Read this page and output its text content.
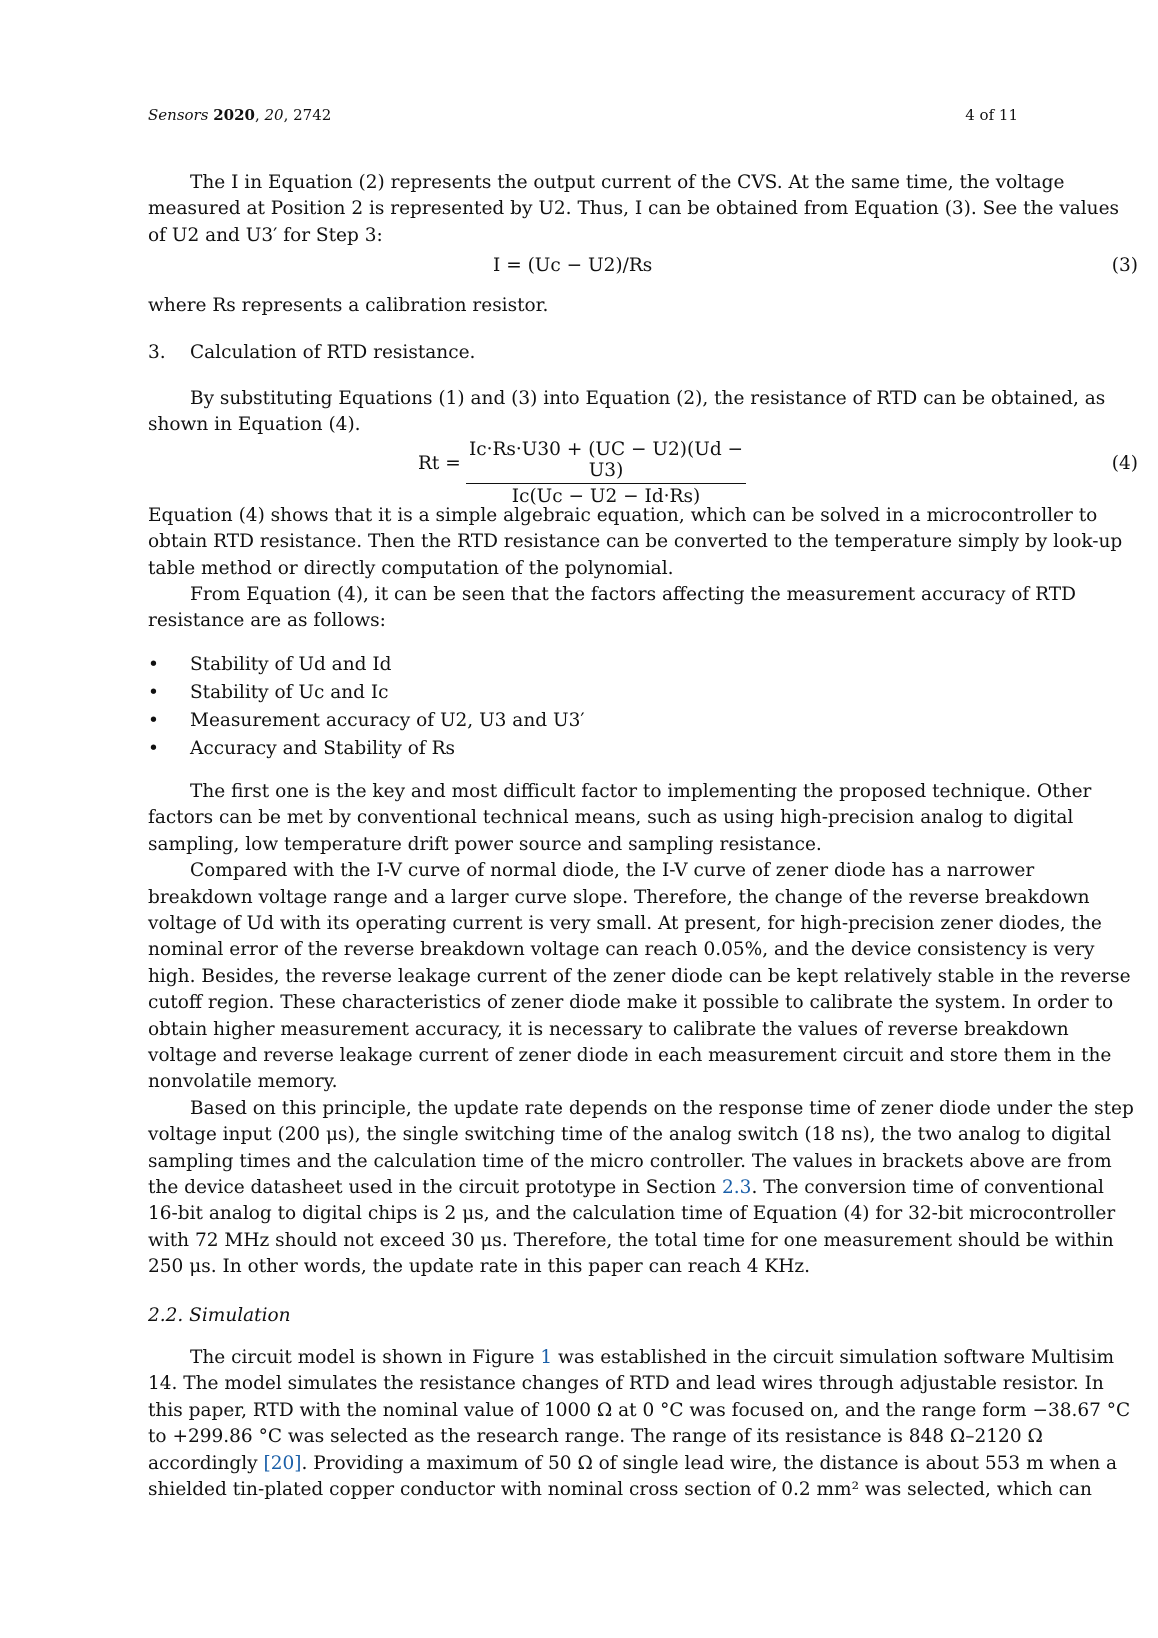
Sensors 2020, 20, 2742	4 of 11

The I in Equation (2) represents the output current of the CVS. At the same time, the voltage measured at Position 2 is represented by U2. Thus, I can be obtained from Equation (3). See the values of U2 and U3′ for Step 3:

I = (Uc − U2)/Rs	(3)

where Rs represents a calibration resistor.

3. Calculation of RTD resistance.

By substituting Equations (1) and (3) into Equation (2), the resistance of RTD can be obtained, as shown in Equation (4).

$Rt = \frac{Ic\cdot Rs\cdot U30 + (UC - U2)(Ud - U3)}{Ic(Uc - U2 - Id\cdot Rs)}$	(4)

Equation (4) shows that it is a simple algebraic equation, which can be solved in a microcontroller to obtain RTD resistance. Then the RTD resistance can be converted to the temperature simply by look-up table method or directly computation of the polynomial.

From Equation (4), it can be seen that the factors affecting the measurement accuracy of RTD resistance are as follows:

• Stability of Ud and Id
• Stability of Uc and Ic
• Measurement accuracy of U2, U3 and U3′
• Accuracy and Stability of Rs

The first one is the key and most difficult factor to implementing the proposed technique. Other factors can be met by conventional technical means, such as using high-precision analog to digital sampling, low temperature drift power source and sampling resistance.

Compared with the I-V curve of normal diode, the I-V curve of zener diode has a narrower breakdown voltage range and a larger curve slope. Therefore, the change of the reverse breakdown voltage of Ud with its operating current is very small. At present, for high-precision zener diodes, the nominal error of the reverse breakdown voltage can reach 0.05%, and the device consistency is very high. Besides, the reverse leakage current of the zener diode can be kept relatively stable in the reverse cutoff region. These characteristics of zener diode make it possible to calibrate the system. In order to obtain higher measurement accuracy, it is necessary to calibrate the values of reverse breakdown voltage and reverse leakage current of zener diode in each measurement circuit and store them in the nonvolatile memory.

Based on this principle, the update rate depends on the response time of zener diode under the step voltage input (200 μs), the single switching time of the analog switch (18 ns), the two analog to digital sampling times and the calculation time of the micro controller. The values in brackets above are from the device datasheet used in the circuit prototype in Section 2.3. The conversion time of conventional 16-bit analog to digital chips is 2 μs, and the calculation time of Equation (4) for 32-bit microcontroller with 72 MHz should not exceed 30 μs. Therefore, the total time for one measurement should be within 250 μs. In other words, the update rate in this paper can reach 4 KHz.

2.2. Simulation

The circuit model is shown in Figure 1 was established in the circuit simulation software Multisim 14. The model simulates the resistance changes of RTD and lead wires through adjustable resistor. In this paper, RTD with the nominal value of 1000 Ω at 0 °C was focused on, and the range form −38.67 °C to +299.86 °C was selected as the research range. The range of its resistance is 848 Ω–2120 Ω accordingly [20]. Providing a maximum of 50 Ω of single lead wire, the distance is about 553 m when a shielded tin-plated copper conductor with nominal cross section of 0.2 mm² was selected, which can
